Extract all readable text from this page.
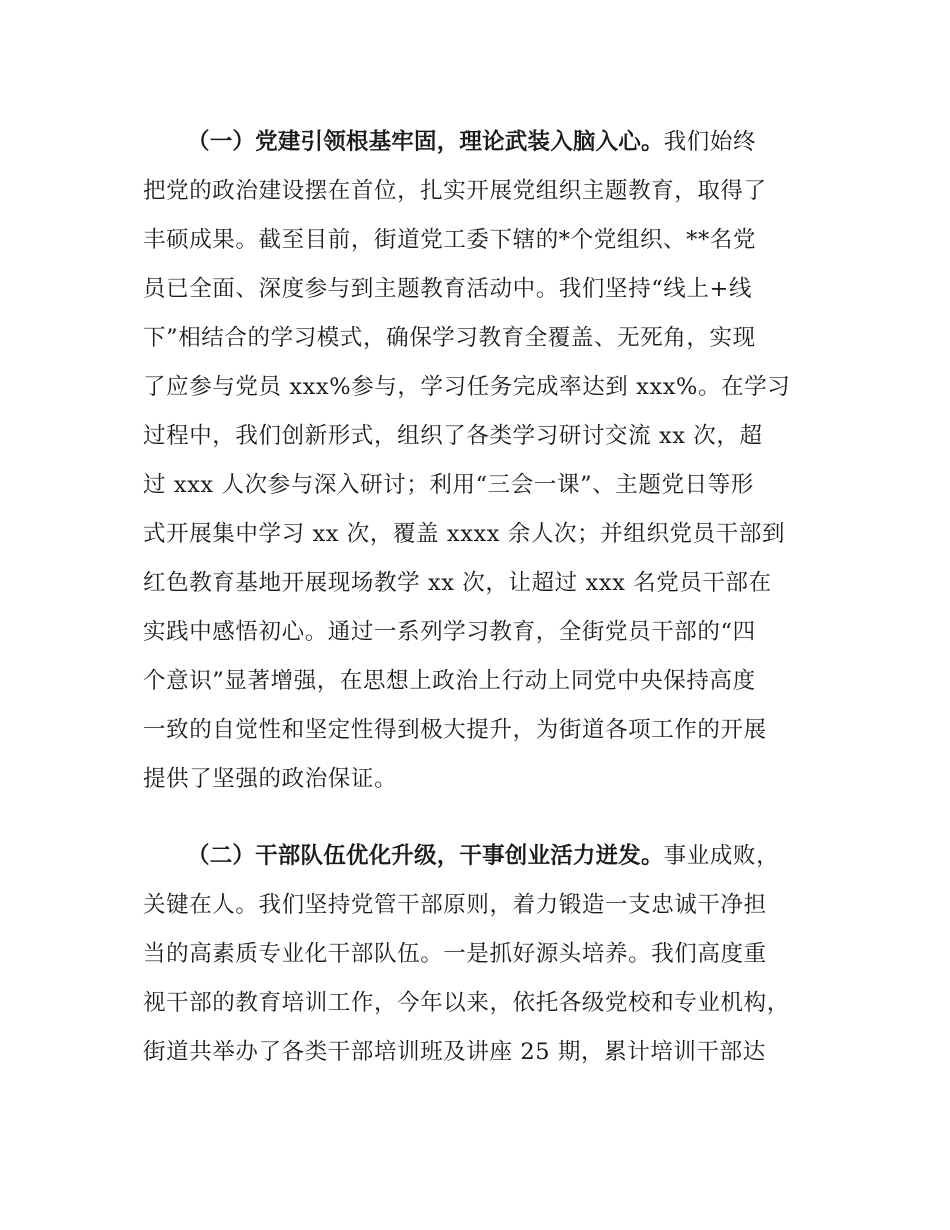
（一）党建引领根基牢固，理论武装入脑入心。我们始终
把党的政治建设摆在首位，扎实开展党组织主题教育，取得了
丰硕成果。截至目前，街道党工委下辖的*个党组织、**名党
员已全面、深度参与到主题教育活动中。我们坚持“线上+线
下”相结合的学习模式，确保学习教育全覆盖、无死角，实现
了应参与党员 xxx%参与，学习任务完成率达到 xxx%。在学习
过程中，我们创新形式，组织了各类学习研讨交流 xx 次，超
过 xxx 人次参与深入研讨；利用“三会一课”、主题党日等形
式开展集中学习 xx 次，覆盖 xxxx 余人次；并组织党员干部到
红色教育基地开展现场教学 xx 次，让超过 xxx 名党员干部在
实践中感悟初心。通过一系列学习教育，全街党员干部的“四
个意识”显著增强，在思想上政治上行动上同党中央保持高度
一致的自觉性和坚定性得到极大提升，为街道各项工作的开展
提供了坚强的政治保证。
（二）干部队伍优化升级，干事创业活力迸发。事业成败，
关键在人。我们坚持党管干部原则，着力锻造一支忠诚干净担
当的高素质专业化干部队伍。一是抓好源头培养。我们高度重
视干部的教育培训工作，今年以来，依托各级党校和专业机构，
街道共举办了各类干部培训班及讲座 25 期，累计培训干部达
